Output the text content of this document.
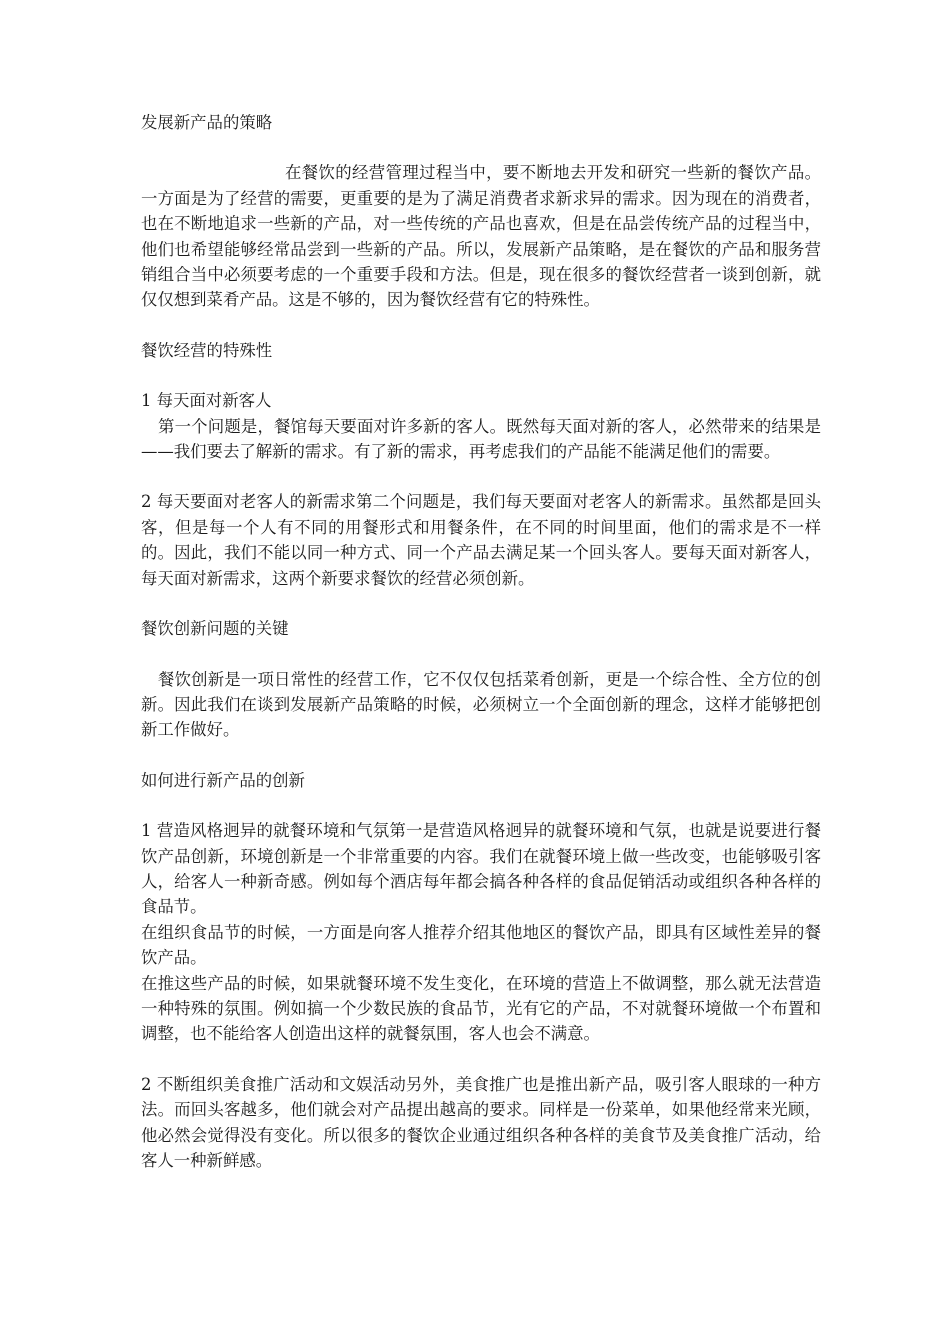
发展新产品的策略

在餐饮的经营管理过程当中，要不断地去开发和研究一些新的餐饮产品。一方面是为了经营的需要，更重要的是为了满足消费者求新求异的需求。因为现在的消费者，也在不断地追求一些新的产品，对一些传统的产品也喜欢，但是在品尝传统产品的过程当中，他们也希望能够经常品尝到一些新的产品。所以，发展新产品策略，是在餐饮的产品和服务营销组合当中必须要考虑的一个重要手段和方法。但是，现在很多的餐饮经营者一谈到创新，就仅仅想到菜肴产品。这是不够的，因为餐饮经营有它的特殊性。

餐饮经营的特殊性

1 每天面对新客人

第一个问题是，餐馆每天要面对许多新的客人。既然每天面对新的客人，必然带来的结果是——我们要去了解新的需求。有了新的需求，再考虑我们的产品能不能满足他们的需要。

2 每天要面对老客人的新需求第二个问题是，我们每天要面对老客人的新需求。虽然都是回头客，但是每一个人有不同的用餐形式和用餐条件，在不同的时间里面，他们的需求是不一样的。因此，我们不能以同一种方式、同一个产品去满足某一个回头客人。要每天面对新客人，每天面对新需求，这两个新要求餐饮的经营必须创新。

餐饮创新问题的关键

餐饮创新是一项日常性的经营工作，它不仅仅包括菜肴创新，更是一个综合性、全方位的创新。因此我们在谈到发展新产品策略的时候，必须树立一个全面创新的理念，这样才能够把创新工作做好。

如何进行新产品的创新

1 营造风格迥异的就餐环境和气氛第一是营造风格迥异的就餐环境和气氛，也就是说要进行餐饮产品创新，环境创新是一个非常重要的内容。我们在就餐环境上做一些改变，也能够吸引客人，给客人一种新奇感。例如每个酒店每年都会搞各种各样的食品促销活动或组织各种各样的食品节。

在组织食品节的时候，一方面是向客人推荐介绍其他地区的餐饮产品，即具有区域性差异的餐饮产品。

在推这些产品的时候，如果就餐环境不发生变化，在环境的营造上不做调整，那么就无法营造一种特殊的氛围。例如搞一个少数民族的食品节，光有它的产品，不对就餐环境做一个布置和调整，也不能给客人创造出这样的就餐氛围，客人也会不满意。

2 不断组织美食推广活动和文娱活动另外，美食推广也是推出新产品，吸引客人眼球的一种方法。而回头客越多，他们就会对产品提出越高的要求。同样是一份菜单，如果他经常来光顾，他必然会觉得没有变化。所以很多的餐饮企业通过组织各种各样的美食节及美食推广活动，给客人一种新鲜感。
